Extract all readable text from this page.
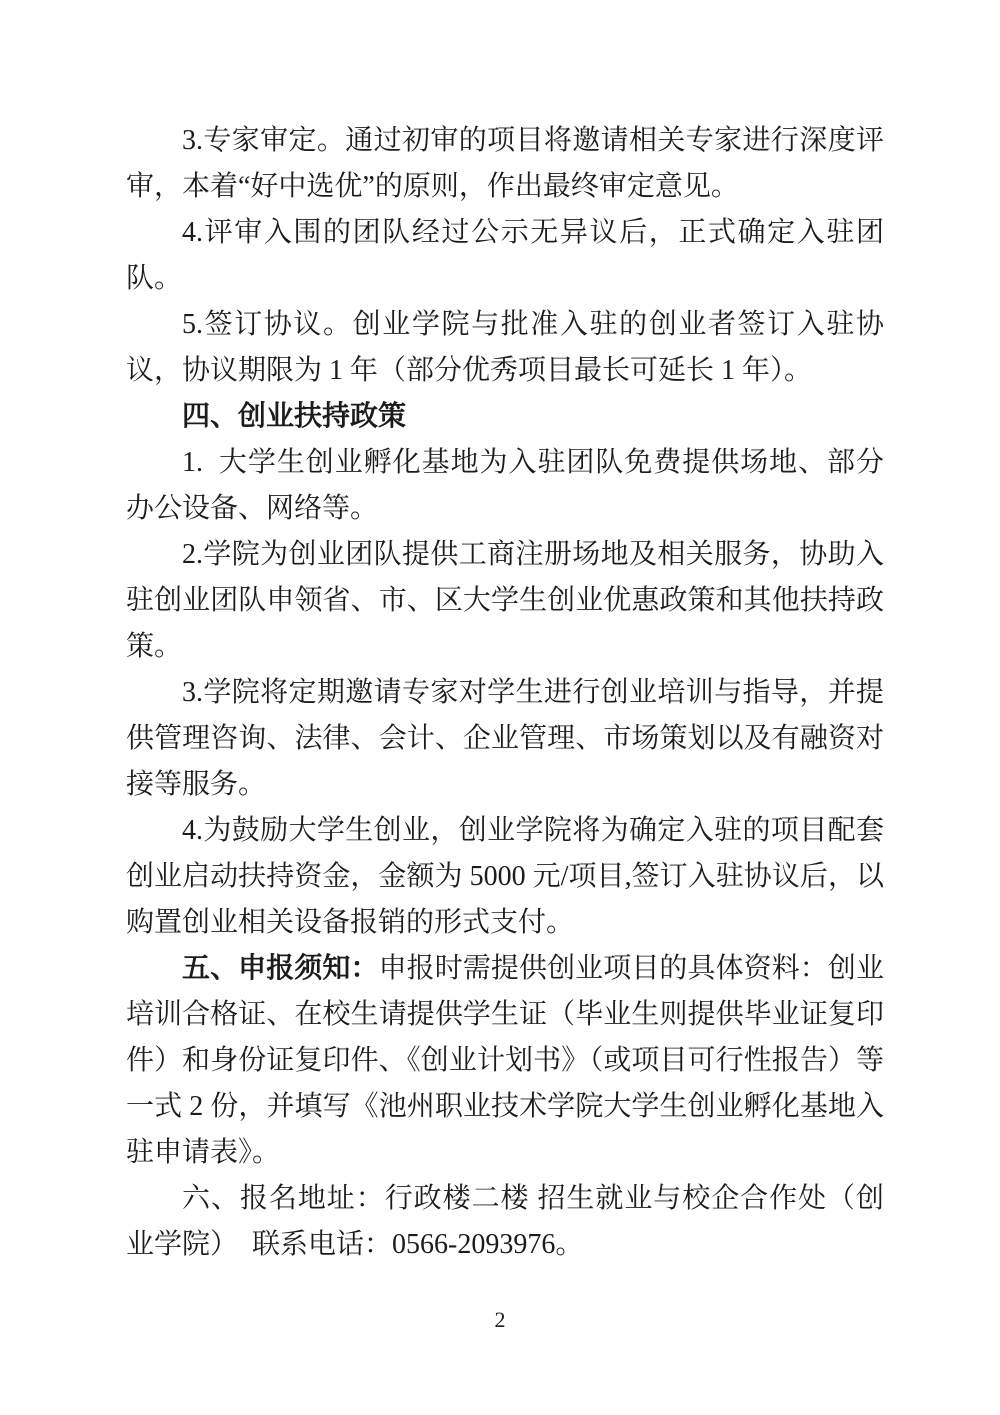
3.专家审定。通过初审的项目将邀请相关专家进行深度评审，本着“好中选优”的原则，作出最终审定意见。

4.评审入围的团队经过公示无异议后，正式确定入驻团队。

5.签订协议。创业学院与批准入驻的创业者签订入驻协议，协议期限为 1 年（部分优秀项目最长可延长 1 年）。

四、创业扶持政策

1.  大学生创业孵化基地为入驻团队免费提供场地、部分办公设备、网络等。

2.学院为创业团队提供工商注册场地及相关服务，协助入驻创业团队申领省、市、区大学生创业优惠政策和其他扶持政策。

3.学院将定期邀请专家对学生进行创业培训与指导，并提供管理咨询、法律、会计、企业管理、市场策划以及有融资对接等服务。

4.为鼓励大学生创业，创业学院将为确定入驻的项目配套创业启动扶持资金，金额为 5000 元/项目,签订入驻协议后，以购置创业相关设备报销的形式支付。

五、申报须知：申报时需提供创业项目的具体资料：创业培训合格证、在校生请提供学生证（毕业生则提供毕业证复印件）和身份证复印件、《创业计划书》（或项目可行性报告）等一式 2 份，并填写《池州职业技术学院大学生创业孵化基地入驻申请表》。

六、报名地址：行政楼二楼 招生就业与校企合作处（创业学院）  联系电话：0566-2093976。

2
